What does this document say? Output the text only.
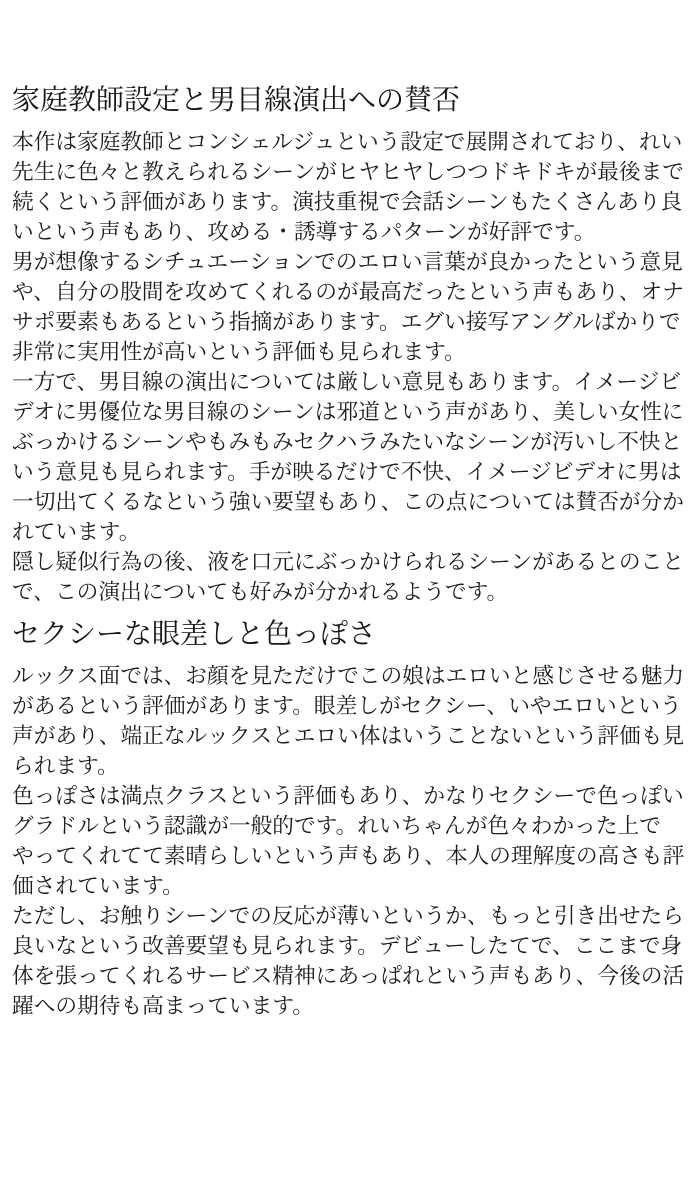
家庭教師設定と男目線演出への賛否

本作は家庭教師とコンシェルジュという設定で展開されており、れい先生に色々と教えられるシーンがヒヤヒヤしつつドキドキが最後まで続くという評価があります。演技重視で会話シーンもたくさんあり良いという声もあり、攻める・誘導するパターンが好評です。

男が想像するシチュエーションでのエロい言葉が良かったという意見や、自分の股間を攻めてくれるのが最高だったという声もあり、オナサポ要素もあるという指摘があります。エグい接写アングルばかりで非常に実用性が高いという評価も見られます。

一方で、男目線の演出については厳しい意見もあります。イメージビデオに男優位な男目線のシーンは邪道という声があり、美しい女性にぶっかけるシーンやもみもみセクハラみたいなシーンが汚いし不快という意見も見られます。手が映るだけで不快、イメージビデオに男は一切出てくるなという強い要望もあり、この点については賛否が分かれています。

隠し疑似行為の後、液を口元にぶっかけられるシーンがあるとのことで、この演出についても好みが分かれるようです。

セクシーな眼差しと色っぽさ

ルックス面では、お顔を見ただけでこの娘はエロいと感じさせる魅力があるという評価があります。眼差しがセクシー、いやエロいという声があり、端正なルックスとエロい体はいうことないという評価も見られます。

色っぽさは満点クラスという評価もあり、かなりセクシーで色っぽいグラドルという認識が一般的です。れいちゃんが色々わかった上でやってくれてて素晴らしいという声もあり、本人の理解度の高さも評価されています。

ただし、お触りシーンでの反応が薄いというか、もっと引き出せたら良いなという改善要望も見られます。デビューしたてで、ここまで身体を張ってくれるサービス精神にあっぱれという声もあり、今後の活躍への期待も高まっています。
